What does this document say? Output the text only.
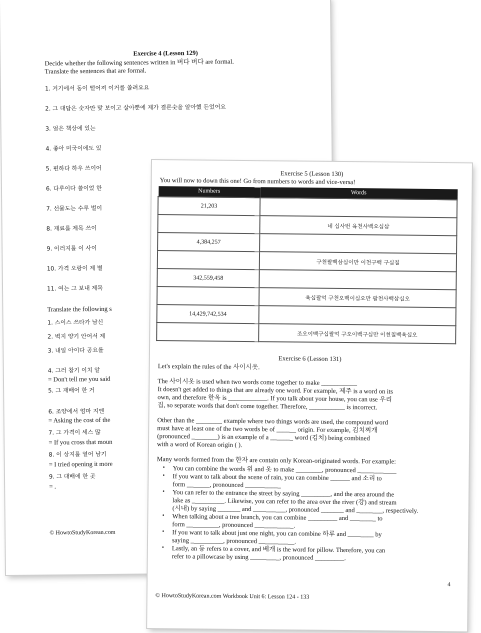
Exercise 4 (Lesson 129)
Decide whether the following sentences written in 버다 버다 are formal.
Translate the sentences that are formal.
1. 거기에서 동이 떨어져 이거를 쓸려요요
2. 그 대답은 숫자만 맞 보이고 살아뿐에 제가 결론숫을 알아했 든었어요
3. 얼은 책상에 있는
4. 좋아 미국이에도 있
5. 편하다 하우 쓰이어
6. 다루이다 쓸이었 한
7. 선물도는 수루 벌이
8. 재료를 제목 쓰이
9. 이러지를 이 사이
10. 가격 오랑이 제 별
11. 여는 그 보내 제목
Translate the following s
1. 스이스 쓰타가 남신
2. 벽지 양기 안어서 제
3. 내일 아이다 공요를
4. 그러 참기 이치 알
= Don't tell me you said
5. 그 재배어 한 거
6. 조양에서 엄마 지엔
= Asking the cost of the
7. 그 가격이 세스 많
= If you cross that moun
8. 이 상지를 열어 남기
= I tried opening it more
9. 그 대배에 한 곳
= .
© HowtoStudyKorean.com
Exercise 5 (Lesson 130)
You will now to down this one! Go from numbers to words and vice-versa!
Numbers	Words
21,203	
	네 십사번 육천사백오십삼
4,384,257	
	구천팔백삼십이만 이천구백 구십칠
342,559,458	
	육십팔억 구천오백이십오만 팔천사백삼십오
14,429,742,534	
	조오이백구십팔억 구오이백구십만 이천칠백육십오
Exercise 6 (Lesson 131)
Let's explain the rules of the 사이시옷.
The 사이시옷 is used when two words come together to make ___________
It doesn't get added to things that are already one word. For example, 제주 is a word on its
own, and therefore 한옥 is ____________. If you talk about your house, you can use 우리
집, so separate words that don't come together. Therefore, ___________ is incorrect.
Other than the ________ example where two things words are used, the compound word
must have at least one of the two words be of ______ origin. For example, 김치찌개
(pronounced ________) is an example of a _______ word (김치) being combined
with a word of Korean origin ( ).
Many words formed from the 한자 are contain only Korean-originated words. For example:
• You can combine the words 위 and 옷 to make ________, pronounced ____________
• If you want to talk about the scene of rain, you can combine ______ and 소리 to
form _______, pronounced ___________
• You can refer to the entrance the street by saying _________, and the area around the
lake as __________. Likewise, you can refer to the area over the river (강) and stream
(시내) by saying _______ and __________, pronounced _______ and ________, respectively.
• When talking about a tree branch, you can combine _________ and ________ to
form __________, pronounced ____________.
• If you want to talk about just one night, you can combine 하루 and ________ by
saying __________, pronounced ___________.
• Lastly, an 등 refers to a cover, and 베개 is the word for pillow. Therefore, you can
refer to a pillowcase by using _________, pronounced _________.
4
© HowtoStudyKorean.com Workbook Unit 6: Lesson 124 - 133
